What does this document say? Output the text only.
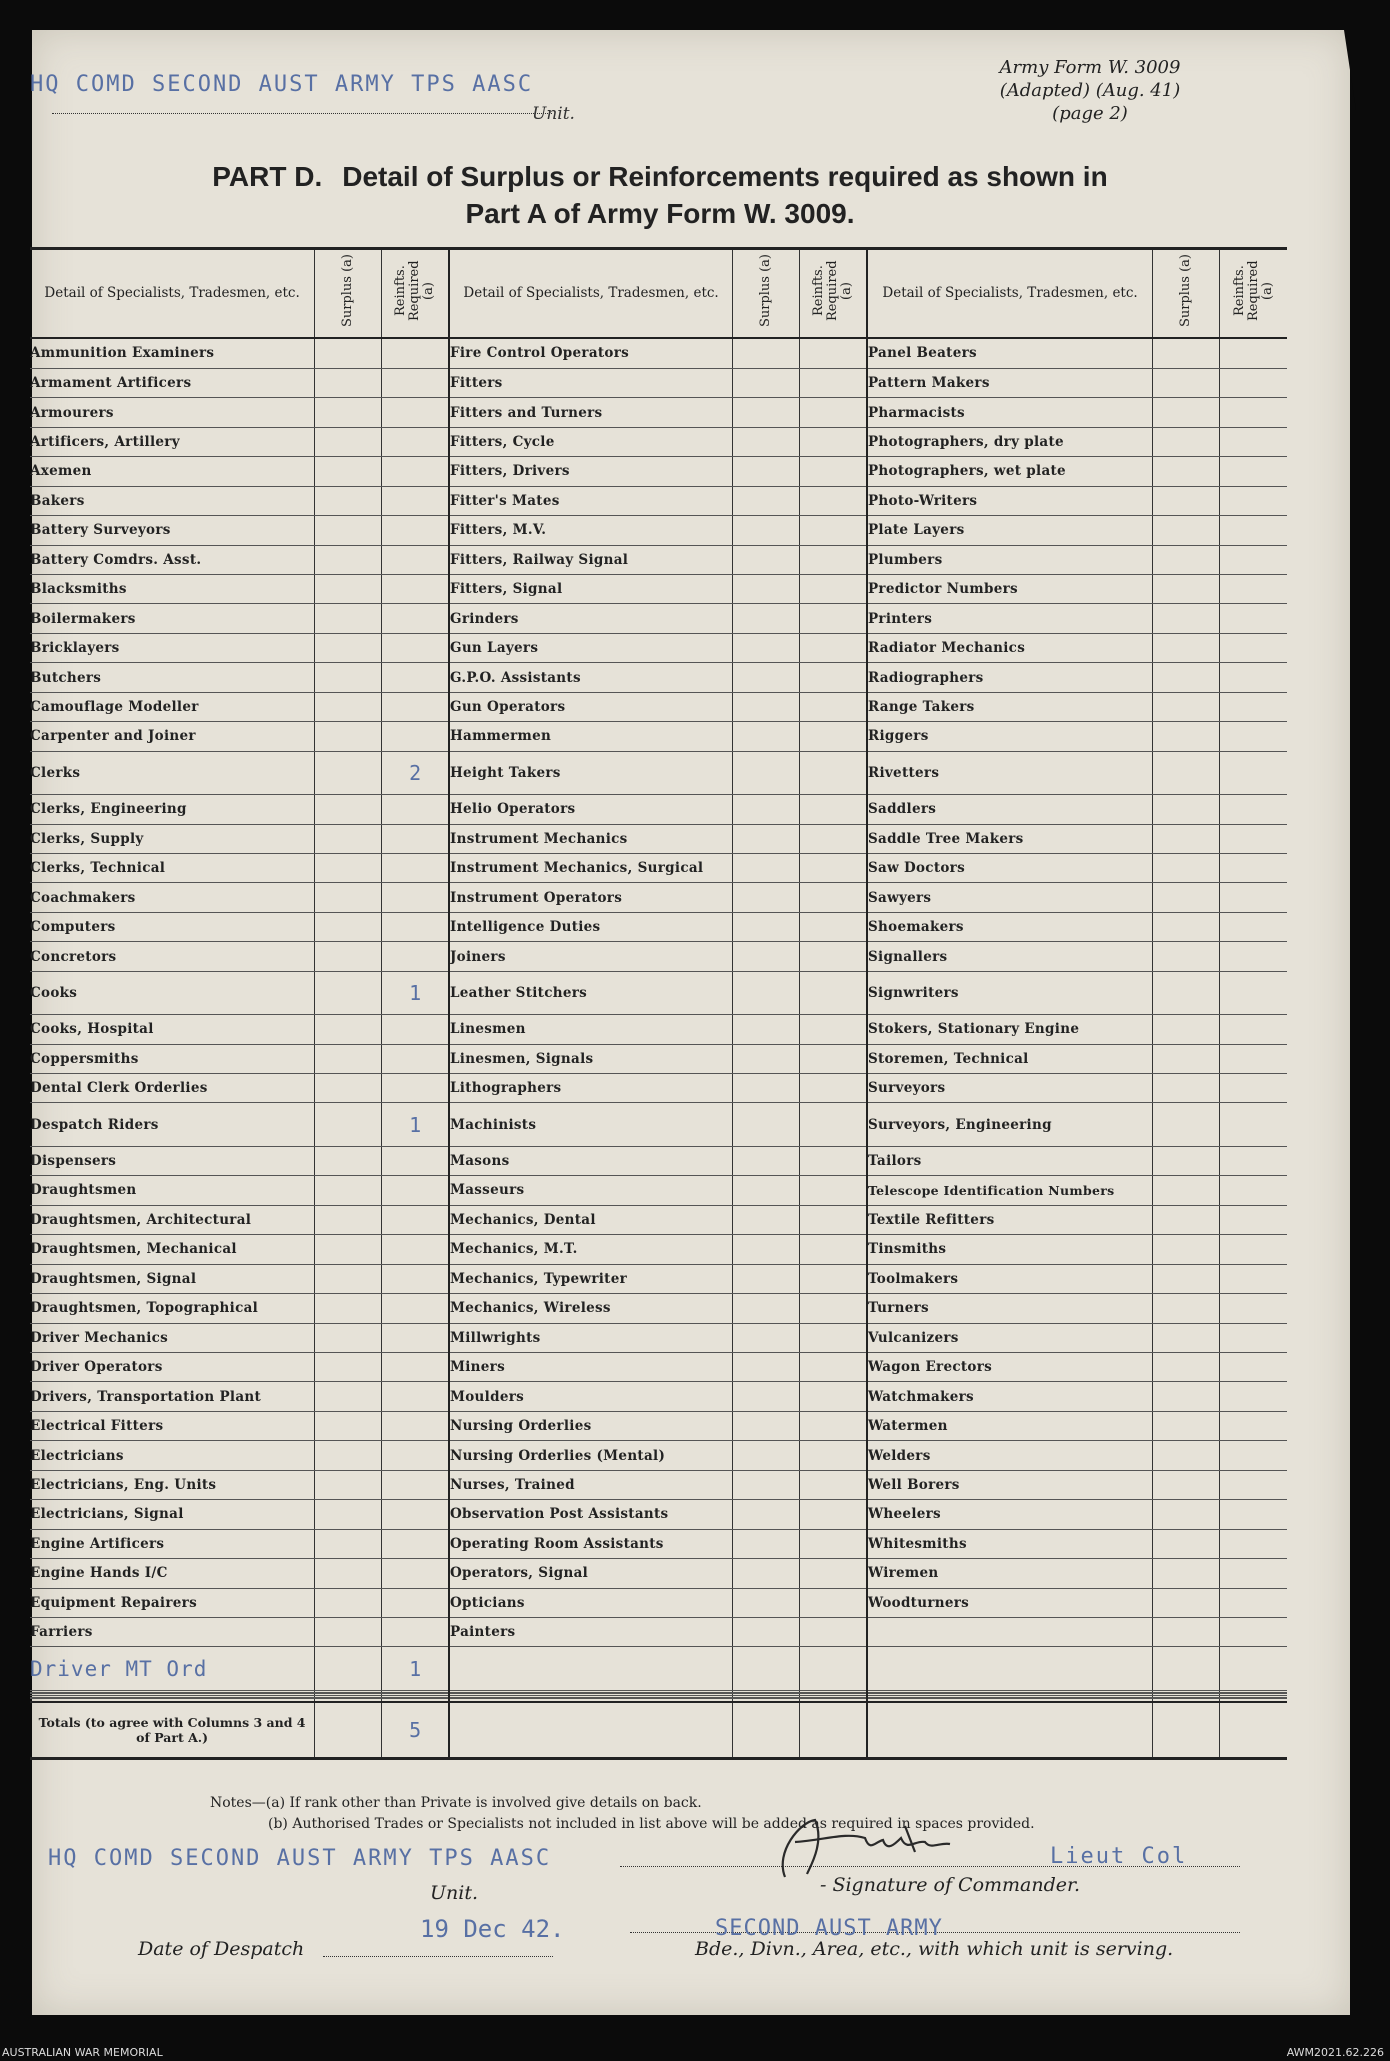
HQ COMD SECOND AUST ARMY TPS AASC
Unit.
Army Form W. 3009
(Adapted) (Aug. 41)
(page 2)
PART D. Detail of Surplus or Reinforcements required as shown in
Part A of Army Form W. 3009.
Detail of Specialists, Tradesmen, etc.	Surplus (a)	Reinfts. Required (a)	Detail of Specialists, Tradesmen, etc.	Surplus (a)	Reinfts. Required (a)	Detail of Specialists, Tradesmen, etc.	Surplus (a)	Reinfts. Required (a)
Ammunition Examiners			Fire Control Operators			Panel Beaters		
Armament Artificers			Fitters			Pattern Makers		
Armourers			Fitters and Turners			Pharmacists		
Artificers, Artillery			Fitters, Cycle			Photographers, dry plate		
Axemen			Fitters, Drivers			Photographers, wet plate		
Bakers			Fitter's Mates			Photo-Writers		
Battery Surveyors			Fitters, M.V.			Plate Layers		
Battery Comdrs. Asst.			Fitters, Railway Signal			Plumbers		
Blacksmiths			Fitters, Signal			Predictor Numbers		
Boilermakers			Grinders			Printers		
Bricklayers			Gun Layers			Radiator Mechanics		
Butchers			G.P.O. Assistants			Radiographers		
Camouflage Modeller			Gun Operators			Range Takers		
Carpenter and Joiner			Hammermen			Riggers		
Clerks		2	Height Takers			Rivetters		
Clerks, Engineering			Helio Operators			Saddlers		
Clerks, Supply			Instrument Mechanics			Saddle Tree Makers		
Clerks, Technical			Instrument Mechanics, Surgical			Saw Doctors		
Coachmakers			Instrument Operators			Sawyers		
Computers			Intelligence Duties			Shoemakers		
Concretors			Joiners			Signallers		
Cooks		1	Leather Stitchers			Signwriters		
Cooks, Hospital			Linesmen			Stokers, Stationary Engine		
Coppersmiths			Linesmen, Signals			Storemen, Technical		
Dental Clerk Orderlies			Lithographers			Surveyors		
Despatch Riders		1	Machinists			Surveyors, Engineering		
Dispensers			Masons			Tailors		
Draughtsmen			Masseurs			Telescope Identification Numbers		
Draughtsmen, Architectural			Mechanics, Dental			Textile Refitters		
Draughtsmen, Mechanical			Mechanics, M.T.			Tinsmiths		
Draughtsmen, Signal			Mechanics, Typewriter			Toolmakers		
Draughtsmen, Topographical			Mechanics, Wireless			Turners		
Driver Mechanics			Millwrights			Vulcanizers		
Driver Operators			Miners			Wagon Erectors		
Drivers, Transportation Plant			Moulders			Watchmakers		
Electrical Fitters			Nursing Orderlies			Watermen		
Electricians			Nursing Orderlies (Mental)			Welders		
Electricians, Eng. Units			Nurses, Trained			Well Borers		
Electricians, Signal			Observation Post Assistants			Wheelers		
Engine Artificers			Operating Room Assistants			Whitesmiths		
Engine Hands I/C			Operators, Signal			Wiremen		
Equipment Repairers			Opticians			Woodturners		
Farriers			Painters					
Driver MT Ord		1						

Totals (to agree with Columns 3 and 4 of Part A.)		5						
Notes—(a) If rank other than Private is involved give details on back.
(b) Authorised Trades or Specialists not included in list above will be added as required in spaces provided.
HQ COMD SECOND AUST ARMY TPS AASC	Lieut Col
Unit.	- Signature of Commander.
Date of Despatch
19 Dec 42.	SECOND AUST ARMY
Bde., Divn., Area, etc., with which unit is serving.
AUSTRALIAN WAR MEMORIAL	AWM2021.62.226
